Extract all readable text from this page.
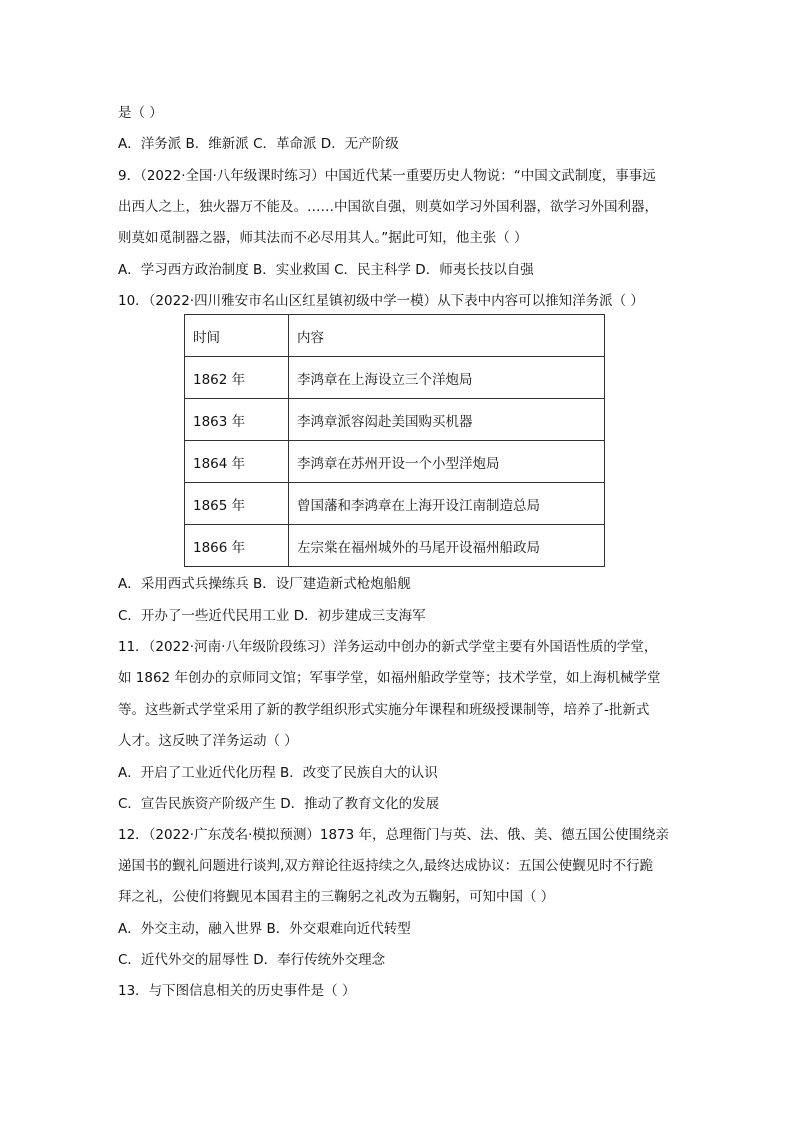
是（ ）
A．洋务派 B．维新派 C．革命派 D．无产阶级
9．（2022·全国·八年级课时练习）中国近代某一重要历史人物说：“中国文武制度，事事远
出西人之上，独火器万不能及。……中国欲自强，则莫如学习外国利器，欲学习外国利器，
则莫如觅制器之器，师其法而不必尽用其人。”据此可知，他主张（ ）
A．学习西方政治制度 B．实业救国 C．民主科学 D．师夷长技以自强
10．（2022·四川雅安市名山区红星镇初级中学一模）从下表中内容可以推知洋务派（ ）
时间	内容
1862 年	李鸿章在上海设立三个洋炮局
1863 年	李鸿章派容闳赴美国购买机器
1864 年	李鸿章在苏州开设一个小型洋炮局
1865 年	曾国藩和李鸿章在上海开设江南制造总局
1866 年	左宗棠在福州城外的马尾开设福州船政局
A．采用西式兵操练兵 B．设厂建造新式枪炮船舰
C．开办了一些近代民用工业 D．初步建成三支海军
11．（2022·河南·八年级阶段练习）洋务运动中创办的新式学堂主要有外国语性质的学堂，
如 1862 年创办的京师同文馆；军事学堂，如福州船政学堂等；技术学堂，如上海机械学堂
等。这些新式学堂采用了新的教学组织形式实施分年课程和班级授课制等，培养了-批新式
人才。这反映了洋务运动（ ）
A．开启了工业近代化历程 B．改变了民族自大的认识
C．宣告民族资产阶级产生 D．推动了教育文化的发展
12．（2022·广东茂名·模拟预测）1873 年，总理衙门与英、法、俄、美、德五国公使围绕亲
递国书的觐礼问题进行谈判,双方辩论往返持续之久,最终达成协议：五国公使觐见时不行跪
拜之礼，公使们将觐见本国君主的三鞠躬之礼改为五鞠躬，可知中国（ ）
A．外交主动，融入世界 B．外交艰难向近代转型
C．近代外交的屈辱性 D．奉行传统外交理念
13．与下图信息相关的历史事件是（ ）
